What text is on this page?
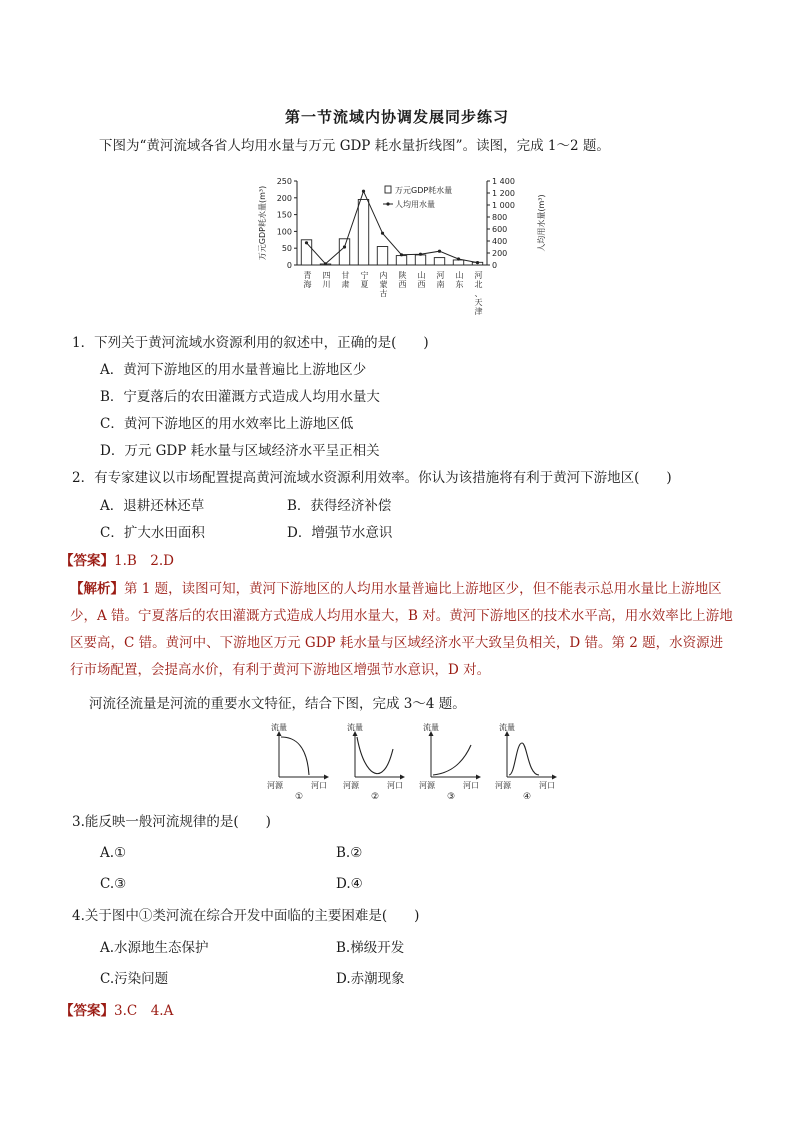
第一节流域内协调发展同步练习
下图为“黄河流域各省人均用水量与万元 GDP 耗水量折线图”。读图，完成 1～2 题。
0
50
100
150
200
250
0
200
400
600
800
1 000
1 200
1 400
万元GDP耗水量(m³)	人均用水量(m³)
青海
四川
甘肃
宁夏
内蒙古
陕西
山西
河南
山东
河北、天津
万元GDP耗水量
人均用水量
1．下列关于黄河流域水资源利用的叙述中，正确的是(　　)
A．黄河下游地区的用水量普遍比上游地区少
B．宁夏落后的农田灌溉方式造成人均用水量大
C．黄河下游地区的用水效率比上游地区低
D．万元 GDP 耗水量与区域经济水平呈正相关
2．有专家建议以市场配置提高黄河流域水资源利用效率。你认为该措施将有利于黄河下游地区(　　)
A．退耕还林还草	B．获得经济补偿
C．扩大水田面积	D．增强节水意识
【答案】1.B　2.D
【解析】第 1 题，读图可知，黄河下游地区的人均用水量普遍比上游地区少，但不能表示总用水量比上游地区少，A 错。宁夏落后的农田灌溉方式造成人均用水量大，B 对。黄河下游地区的技术水平高，用水效率比上游地区要高，C 错。黄河中、下游地区万元 GDP 耗水量与区域经济水平大致呈负相关，D 错。第 2 题，水资源进行市场配置，会提高水价，有利于黄河下游地区增强节水意识，D 对。
河流径流量是河流的重要水文特征，结合下图，完成 3～4 题。
流量
河源	河口
①
流量
河源	河口
②
流量
河源	河口
③
流量
河源	河口
④
3.能反映一般河流规律的是(　　)
A.①	B.②
C.③	D.④
4.关于图中①类河流在综合开发中面临的主要困难是(　　)
A.水源地生态保护	B.梯级开发
C.污染问题	D.赤潮现象
【答案】3.C　4.A
